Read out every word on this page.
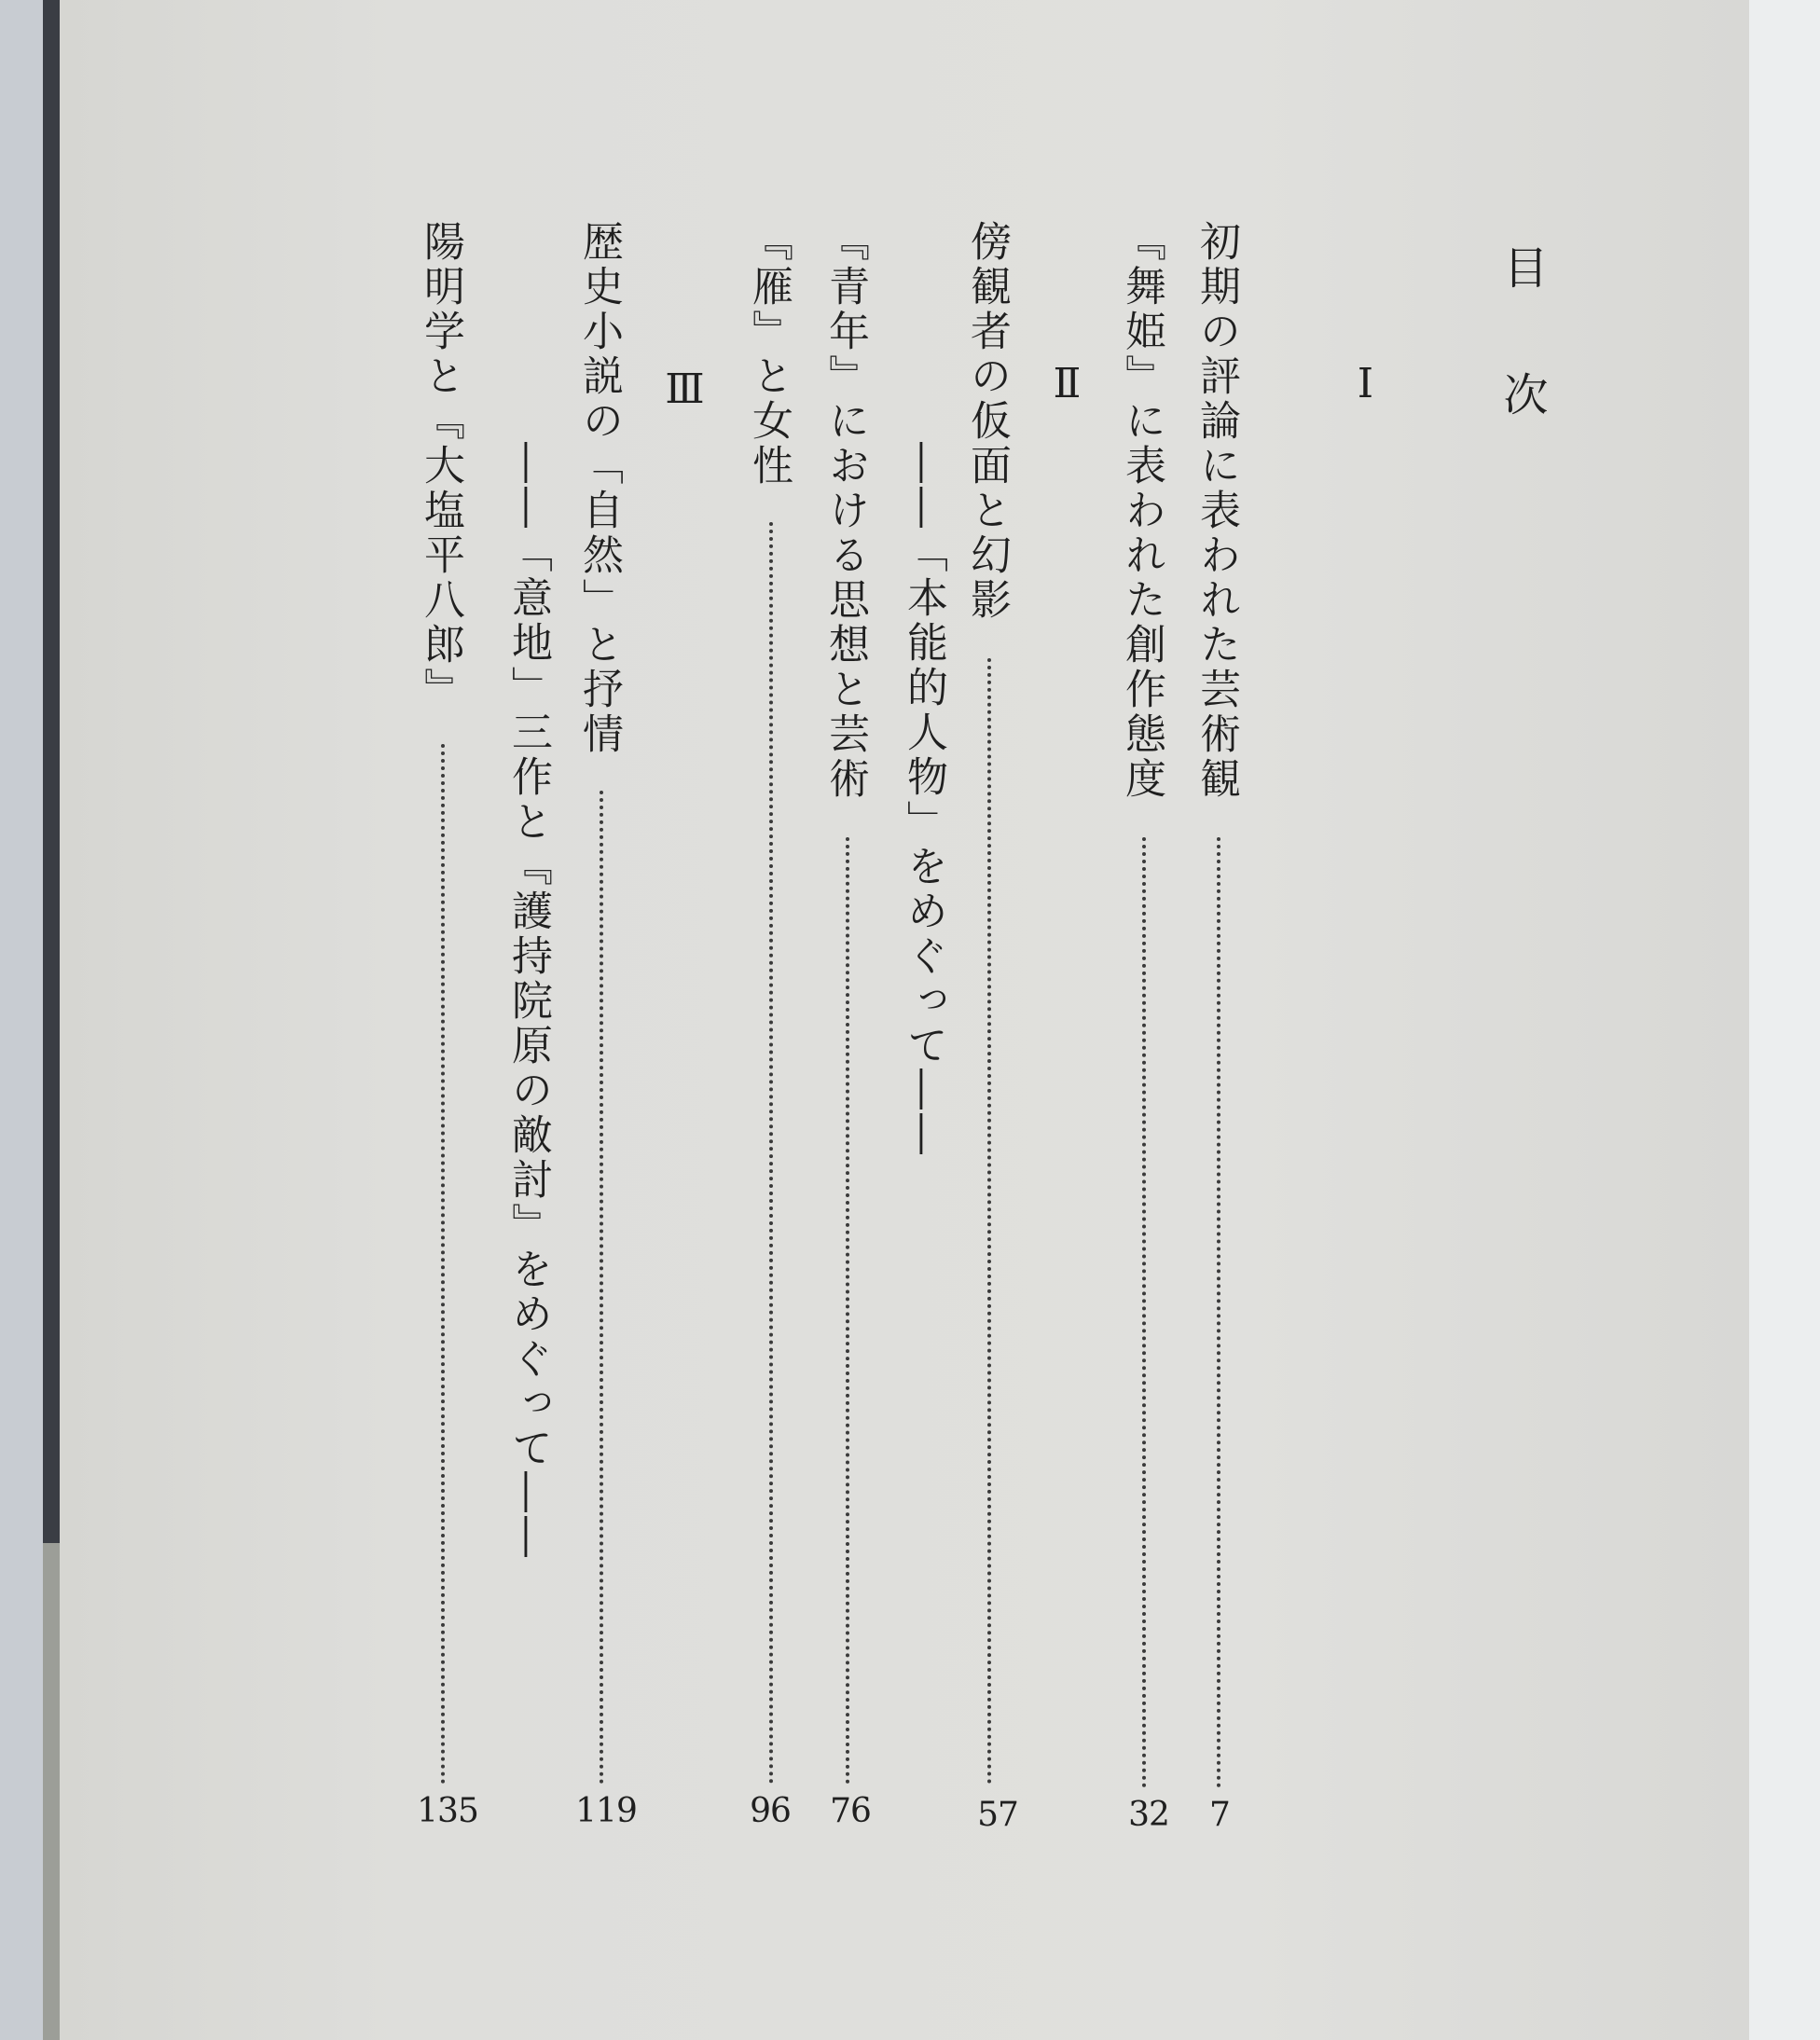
目次
Ⅰ
初期の評論に表われた芸術観
7
『舞姫』に表われた創作態度
32
Ⅱ
傍観者の仮面と幻影
――「本能的人物」をめぐって――
57
『青年』における思想と芸術
76
『雁』と女性
96
Ⅲ
歴史小説の「自然」と抒情
――「意地」三作と『護持院原の敵討』をめぐって――
119
陽明学と『大塩平八郎』
135
